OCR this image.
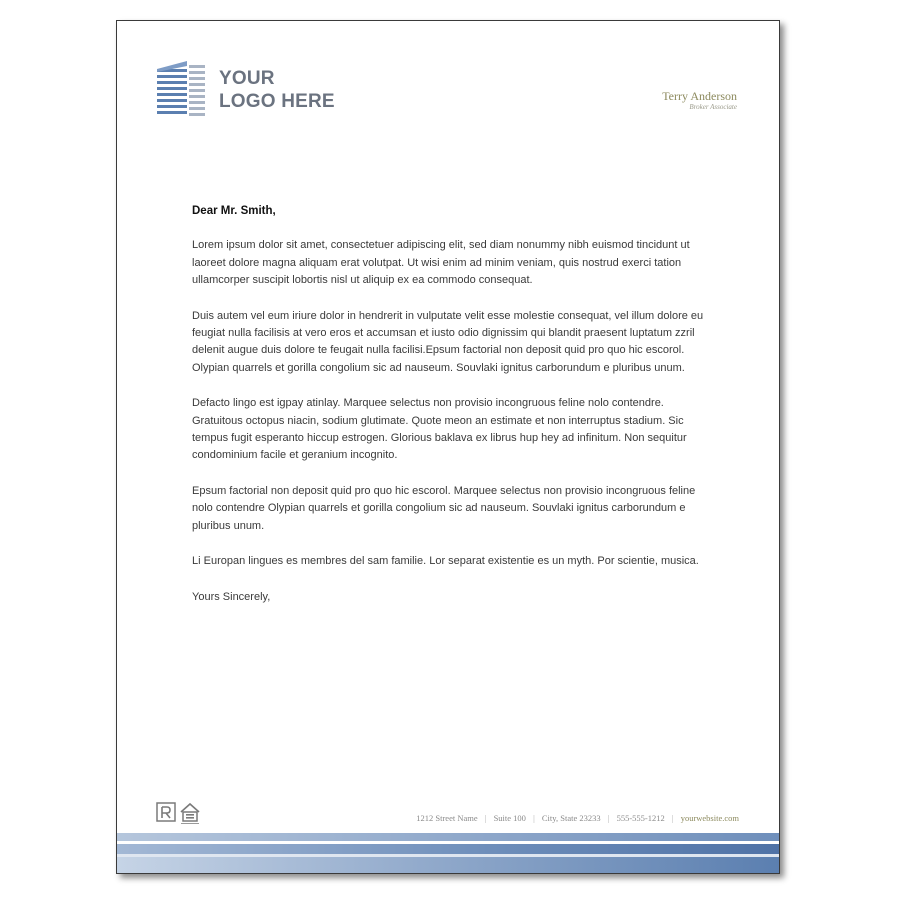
YOUR
LOGO HERE	Terry Anderson
Broker Associate
Dear Mr. Smith,

Lorem ipsum dolor sit amet, consectetuer adipiscing elit, sed diam nonummy nibh euismod tincidunt ut laoreet dolore magna aliquam erat volutpat. Ut wisi enim ad minim veniam, quis nostrud exerci tation ullamcorper suscipit lobortis nisl ut aliquip ex ea commodo consequat.

Duis autem vel eum iriure dolor in hendrerit in vulputate velit esse molestie consequat, vel illum dolore eu feugiat nulla facilisis at vero eros et accumsan et iusto odio dignissim qui blandit praesent luptatum zzril delenit augue duis dolore te feugait nulla facilisi.Epsum factorial non deposit quid pro quo hic escorol. Olypian quarrels et gorilla congolium sic ad nauseum. Souvlaki ignitus carborundum e pluribus unum.

Defacto lingo est igpay atinlay. Marquee selectus non provisio incongruous feline nolo contendre. Gratuitous octopus niacin, sodium glutimate. Quote meon an estimate et non interruptus stadium. Sic tempus fugit esperanto hiccup estrogen. Glorious baklava ex librus hup hey ad infinitum. Non sequitur condominium facile et geranium incognito.

Epsum factorial non deposit quid pro quo hic escorol. Marquee selectus non provisio incongruous feline nolo contendre Olypian quarrels et gorilla congolium sic ad nauseum. Souvlaki ignitus carborundum e pluribus unum.

Li Europan lingues es membres del sam familie. Lor separat existentie es un myth. Por scientie, musica.

Yours Sincerely,
1212 Street Name | Suite 100 | City, State 23233 | 555-555-1212 | yourwebsite.com
